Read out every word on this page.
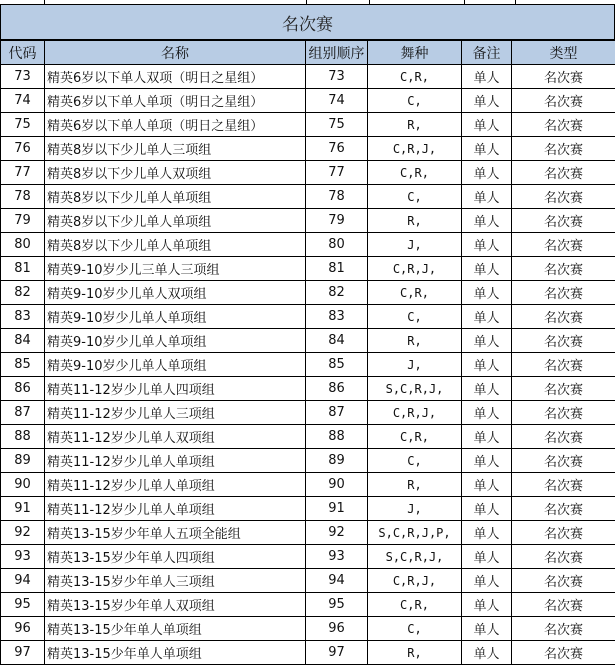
名次赛
代码	名称	组别顺序	舞种	备注	类型
73	精英6岁以下单人双项（明日之星组）	73	C,R,	单人	名次赛
74	精英6岁以下单人单项（明日之星组）	74	C,	单人	名次赛
75	精英6岁以下单人单项（明日之星组）	75	R,	单人	名次赛
76	精英8岁以下少儿单人三项组	76	C,R,J,	单人	名次赛
77	精英8岁以下少儿单人双项组	77	C,R,	单人	名次赛
78	精英8岁以下少儿单人单项组	78	C,	单人	名次赛
79	精英8岁以下少儿单人单项组	79	R,	单人	名次赛
80	精英8岁以下少儿单人单项组	80	J,	单人	名次赛
81	精英9-10岁少儿三单人三项组	81	C,R,J,	单人	名次赛
82	精英9-10岁少儿单人双项组	82	C,R,	单人	名次赛
83	精英9-10岁少儿单人单项组	83	C,	单人	名次赛
84	精英9-10岁少儿单人单项组	84	R,	单人	名次赛
85	精英9-10岁少儿单人单项组	85	J,	单人	名次赛
86	精英11-12岁少儿单人四项组	86	S,C,R,J,	单人	名次赛
87	精英11-12岁少儿单人三项组	87	C,R,J,	单人	名次赛
88	精英11-12岁少儿单人双项组	88	C,R,	单人	名次赛
89	精英11-12岁少儿单人单项组	89	C,	单人	名次赛
90	精英11-12岁少儿单人单项组	90	R,	单人	名次赛
91	精英11-12岁少儿单人单项组	91	J,	单人	名次赛
92	精英13-15岁少年单人五项全能组	92	S,C,R,J,P,	单人	名次赛
93	精英13-15岁少年单人四项组	93	S,C,R,J,	单人	名次赛
94	精英13-15岁少年单人三项组	94	C,R,J,	单人	名次赛
95	精英13-15岁少年单人双项组	95	C,R,	单人	名次赛
96	精英13-15少年单人单项组	96	C,	单人	名次赛
97	精英13-15少年单人单项组	97	R,	单人	名次赛
